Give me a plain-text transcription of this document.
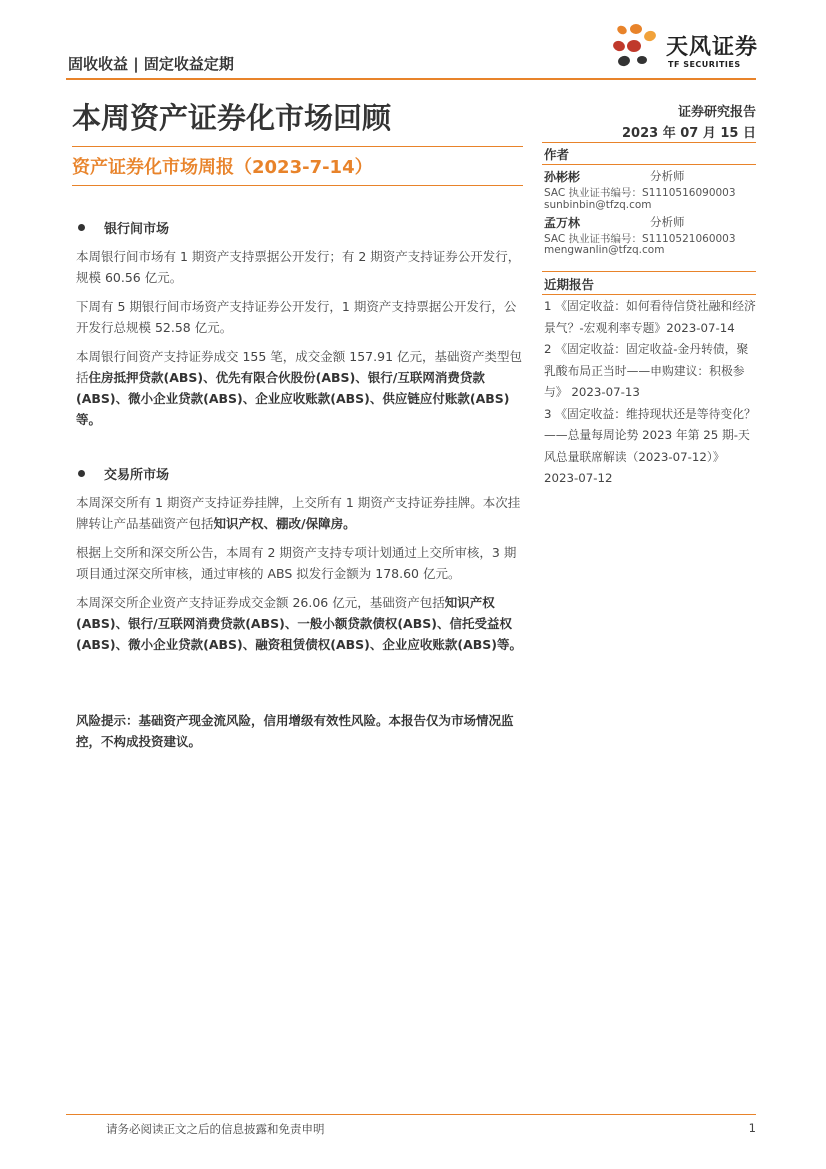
固收收益 | 固定收益定期
天风证券
TF SECURITIES
本周资产证券化市场回顾	证券研究报告
2023 年 07 月 15 日
资产证券化市场周报（2023-7-14）
银行间市场
本周银行间市场有 1 期资产支持票据公开发行；有 2 期资产支持证券公开发行，规模 60.56 亿元。
下周有 5 期银行间市场资产支持证券公开发行，1 期资产支持票据公开发行，公开发行总规模 52.58 亿元。
本周银行间资产支持证券成交 155 笔，成交金额 157.91 亿元，基础资产类型包括住房抵押贷款(ABS)、优先有限合伙股份(ABS)、银行/互联网消费贷款(ABS)、微小企业贷款(ABS)、企业应收账款(ABS)、供应链应付账款(ABS)等。
交易所市场
本周深交所有 1 期资产支持证券挂牌，上交所有 1 期资产支持证券挂牌。本次挂牌转让产品基础资产包括知识产权、棚改/保障房。
根据上交所和深交所公告，本周有 2 期资产支持专项计划通过上交所审核，3 期项目通过深交所审核，通过审核的 ABS 拟发行金额为 178.60 亿元。
本周深交所企业资产支持证券成交金额 26.06 亿元，基础资产包括知识产权(ABS)、银行/互联网消费贷款(ABS)、一般小额贷款债权(ABS)、信托受益权(ABS)、微小企业贷款(ABS)、融资租赁债权(ABS)、企业应收账款(ABS)等。
风险提示：基础资产现金流风险，信用增级有效性风险。本报告仅为市场情况监控，不构成投资建议。
作者
孙彬彬	分析师
SAC 执业证书编号：S1110516090003
sunbinbin@tfzq.com
孟万林	分析师
SAC 执业证书编号：S1110521060003
mengwanlin@tfzq.com
近期报告

1 《固定收益：如何看待信贷社融和经济景气？-宏观利率专题》2023-07-14

2 《固定收益：固定收益-金丹转债，聚乳酸布局正当时——申购建议：积极参与》 2023-07-13

3 《固定收益：维持现状还是等待变化？——总量每周论势 2023 年第 25 期-天风总量联席解读（2023-07-12）》 2023-07-12

请务必阅读正文之后的信息披露和免责申明	1
